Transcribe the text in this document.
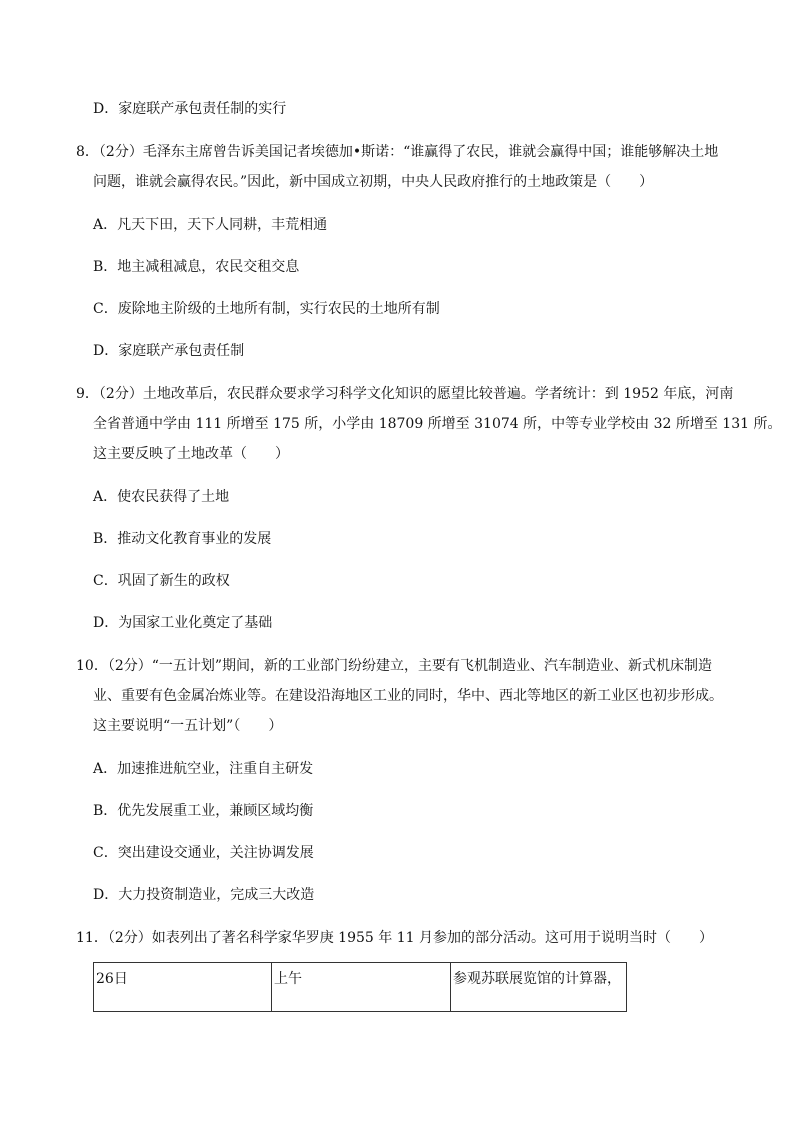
D．家庭联产承包责任制的实行
8．（2分）毛泽东主席曾告诉美国记者埃德加•斯诺：“谁赢得了农民，谁就会赢得中国；谁能够解决土地
问题，谁就会赢得农民。”因此，新中国成立初期，中央人民政府推行的土地政策是（　　）
A．凡天下田，天下人同耕，丰荒相通
B．地主减租减息，农民交租交息
C．废除地主阶级的土地所有制，实行农民的土地所有制
D．家庭联产承包责任制
9．（2分）土地改革后，农民群众要求学习科学文化知识的愿望比较普遍。学者统计：到 1952 年底，河南
全省普通中学由 111 所增至 175 所，小学由 18709 所增至 31074 所，中等专业学校由 32 所增至 131 所。
这主要反映了土地改革（　　）
A．使农民获得了土地
B．推动文化教育事业的发展
C．巩固了新生的政权
D．为国家工业化奠定了基础
10．（2分）“一五计划”期间，新的工业部门纷纷建立，主要有飞机制造业、汽车制造业、新式机床制造
业、重要有色金属冶炼业等。在建设沿海地区工业的同时，华中、西北等地区的新工业区也初步形成。
这主要说明“一五计划”（　　）
A．加速推进航空业，注重自主研发
B．优先发展重工业，兼顾区域均衡
C．突出建设交通业，关注协调发展
D．大力投资制造业，完成三大改造
11．（2分）如表列出了著名科学家华罗庚 1955 年 11 月参加的部分活动。这可用于说明当时（　　）
26日	上午	参观苏联展览馆的计算器，
